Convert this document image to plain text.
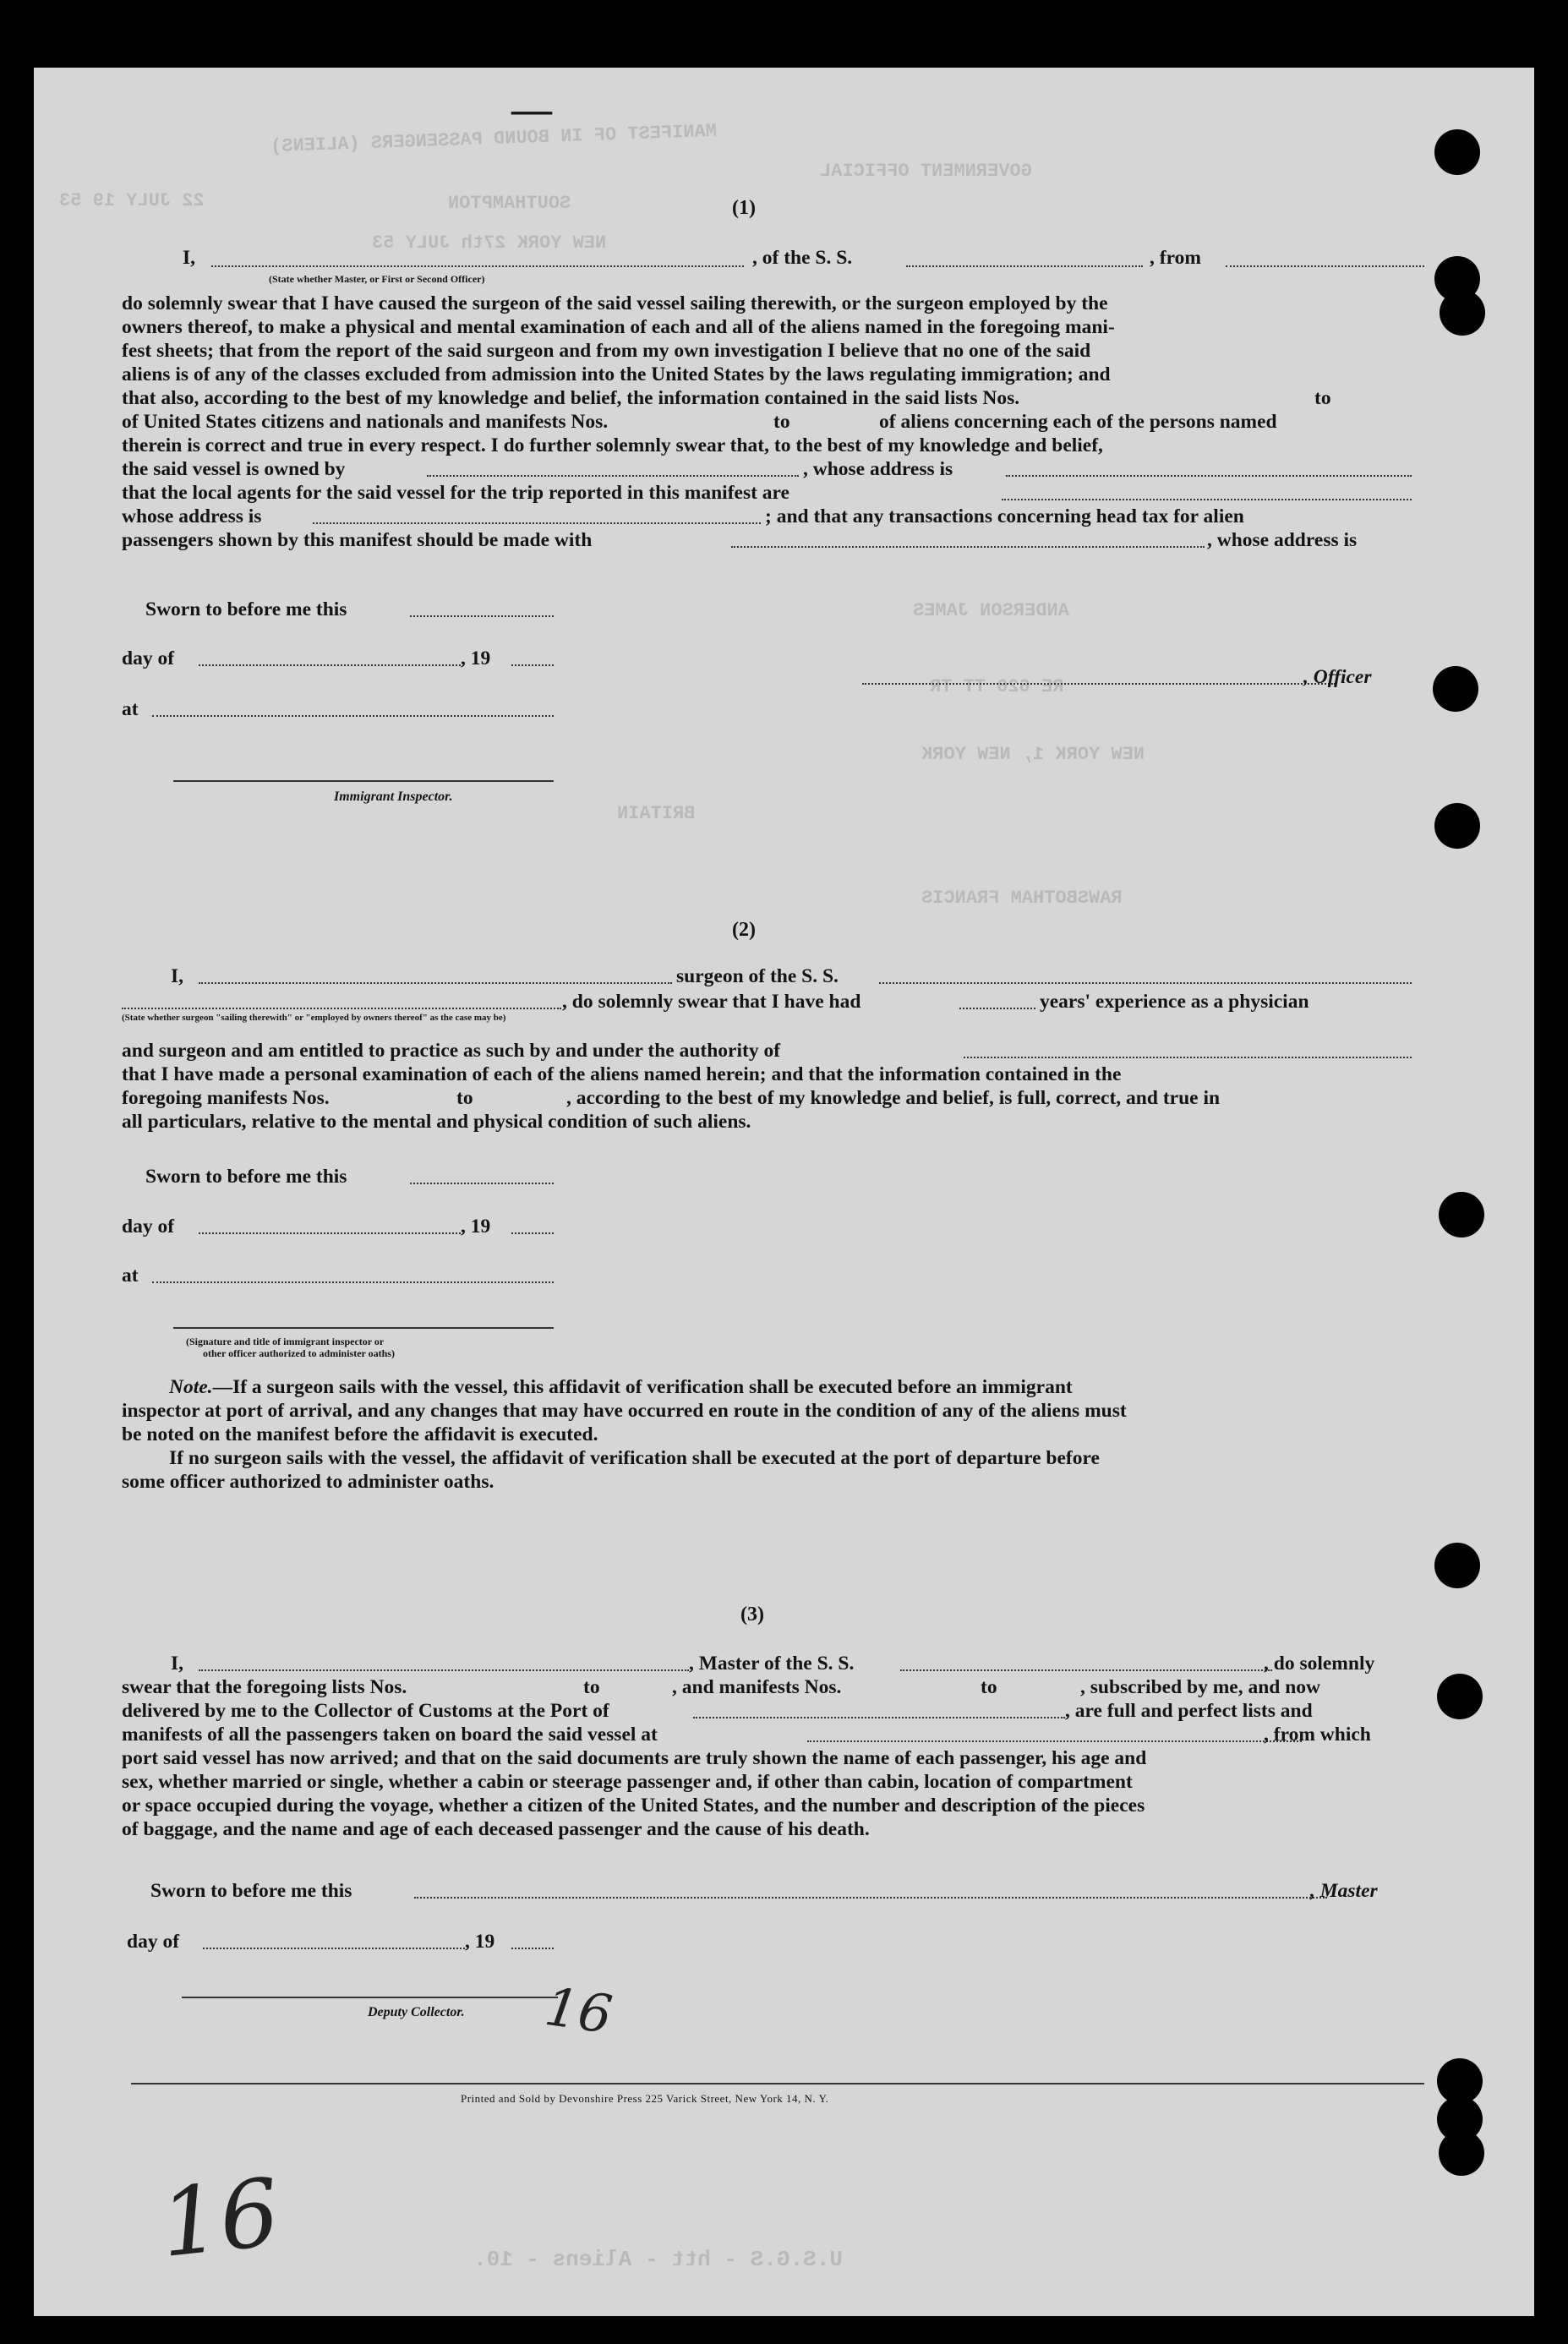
MANIFEST OF IN BOUND PASSENGERS (ALIENS)
GOVERNMENT OFFICIAL
22 JULY 19 53	SOUTHAMPTON
NEW YORK 27th JULY 53
ANDERSON JAMES
RE 620 TT TR
NEW YORK 1, NEW YORK
RAWSBOTHAM FRANCIS
BRITAIN
U.S.G.S - htt - Aliens - 10.
—
(1)
I,	, of the S. S.	, from
(State whether Master, or First or Second Officer)
do solemnly swear that I have caused the surgeon of the said vessel sailing therewith, or the surgeon employed by the
owners thereof, to make a physical and mental examination of each and all of the aliens named in the foregoing mani-
fest sheets; that from the report of the said surgeon and from my own investigation I believe that no one of the said
aliens is of any of the classes excluded from admission into the United States by the laws regulating immigration; and
that also, according to the best of my knowledge and belief, the information contained in the said lists Nos.	to
of United States citizens and nationals and manifests Nos.	to	of aliens concerning each of the persons named
therein is correct and true in every respect. I do further solemnly swear that, to the best of my knowledge and belief,
the said vessel is owned by	, whose address is
that the local agents for the said vessel for the trip reported in this manifest are
whose address is	; and that any transactions concerning head tax for alien
passengers shown by this manifest should be made with	, whose address is
Sworn to before me this
day of	, 19
, Officer
at
Immigrant Inspector.
(2)
I,	surgeon of the S. S.
, do solemnly swear that I have had	years' experience as a physician
(State whether surgeon "sailing therewith" or "employed by owners thereof" as the case may be)
and surgeon and am entitled to practice as such by and under the authority of
that I have made a personal examination of each of the aliens named herein; and that the information contained in the
foregoing manifests Nos.	to	, according to the best of my knowledge and belief, is full, correct, and true in
all particulars, relative to the mental and physical condition of such aliens.
Sworn to before me this
day of	, 19
at
(Signature and title of immigrant inspector or
other officer authorized to administer oaths)
Note.—If a surgeon sails with the vessel, this affidavit of verification shall be executed before an immigrant
inspector at port of arrival, and any changes that may have occurred en route in the condition of any of the aliens must
be noted on the manifest before the affidavit is executed.
If no surgeon sails with the vessel, the affidavit of verification shall be executed at the port of departure before
some officer authorized to administer oaths.
(3)
I,	, Master of the S. S.	, do solemnly
swear that the foregoing lists Nos.	to	, and manifests Nos.	to	, subscribed by me, and now
delivered by me to the Collector of Customs at the Port of	, are full and perfect lists and
manifests of all the passengers taken on board the said vessel at	, from which
port said vessel has now arrived; and that on the said documents are truly shown the name of each passenger, his age and
sex, whether married or single, whether a cabin or steerage passenger and, if other than cabin, location of compartment
or space occupied during the voyage, whether a citizen of the United States, and the number and description of the pieces
of baggage, and the name and age of each deceased passenger and the cause of his death.
Sworn to before me this	, Master
day of	, 19
Deputy Collector. 16
Printed and Sold by Devonshire Press 225 Varick Street, New York 14, N. Y.
16
